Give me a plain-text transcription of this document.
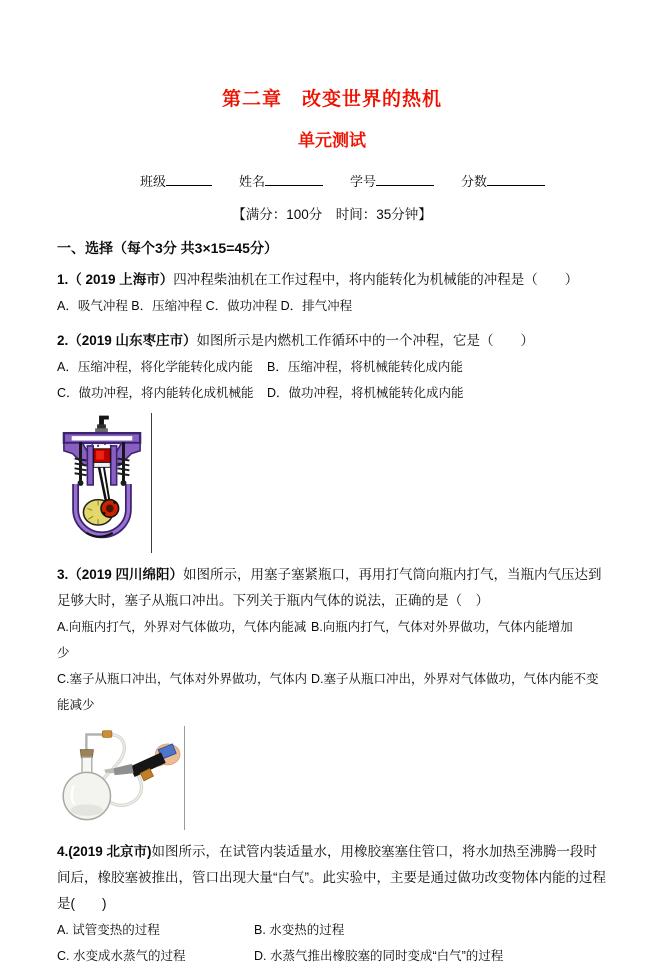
第二章　改变世界的热机
单元测试
班级	姓名	学号	分数
【满分：100分　时间：35分钟】
一、选择（每个3分 共3×15=45分）

1.（ 2019 上海市）四冲程柴油机在工作过程中，将内能转化为机械能的冲程是（　　）

A．吸气冲程 B．压缩冲程 C．做功冲程 D．排气冲程

2.（2019 山东枣庄市）如图所示是内燃机工作循环中的一个冲程，它是（　　）

A．压缩冲程，将化学能转化成内能	B．压缩冲程，将机械能转化成内能
C．做功冲程，将内能转化成机械能	D．做功冲程，将机械能转化成内能

3.（2019 四川绵阳）如图所示，用塞子塞紧瓶口，再用打气筒向瓶内打气，当瓶内气压达到足够大时，塞子从瓶口冲出。下列关于瓶内气体的说法，正确的是（　）

A.向瓶内打气，外界对气体做功，气体内能减少
B.向瓶内打气，气体对外界做功，气体内能增加
C.塞子从瓶口冲出，气体对外界做功，气体内能减少
D.塞子从瓶口冲出，外界对气体做功，气体内能不变

4.(2019 北京市)如图所示，在试管内装适量水，用橡胶塞塞住管口，将水加热至沸腾一段时间后，橡胶塞被推出，管口出现大量“白气”。此实验中，主要是通过做功改变物体内能的过程是(　　)

A. 试管变热的过程	B. 水变热的过程
C. 水变成水蒸气的过程	D. 水蒸气推出橡胶塞的同时变成“白气”的过程
